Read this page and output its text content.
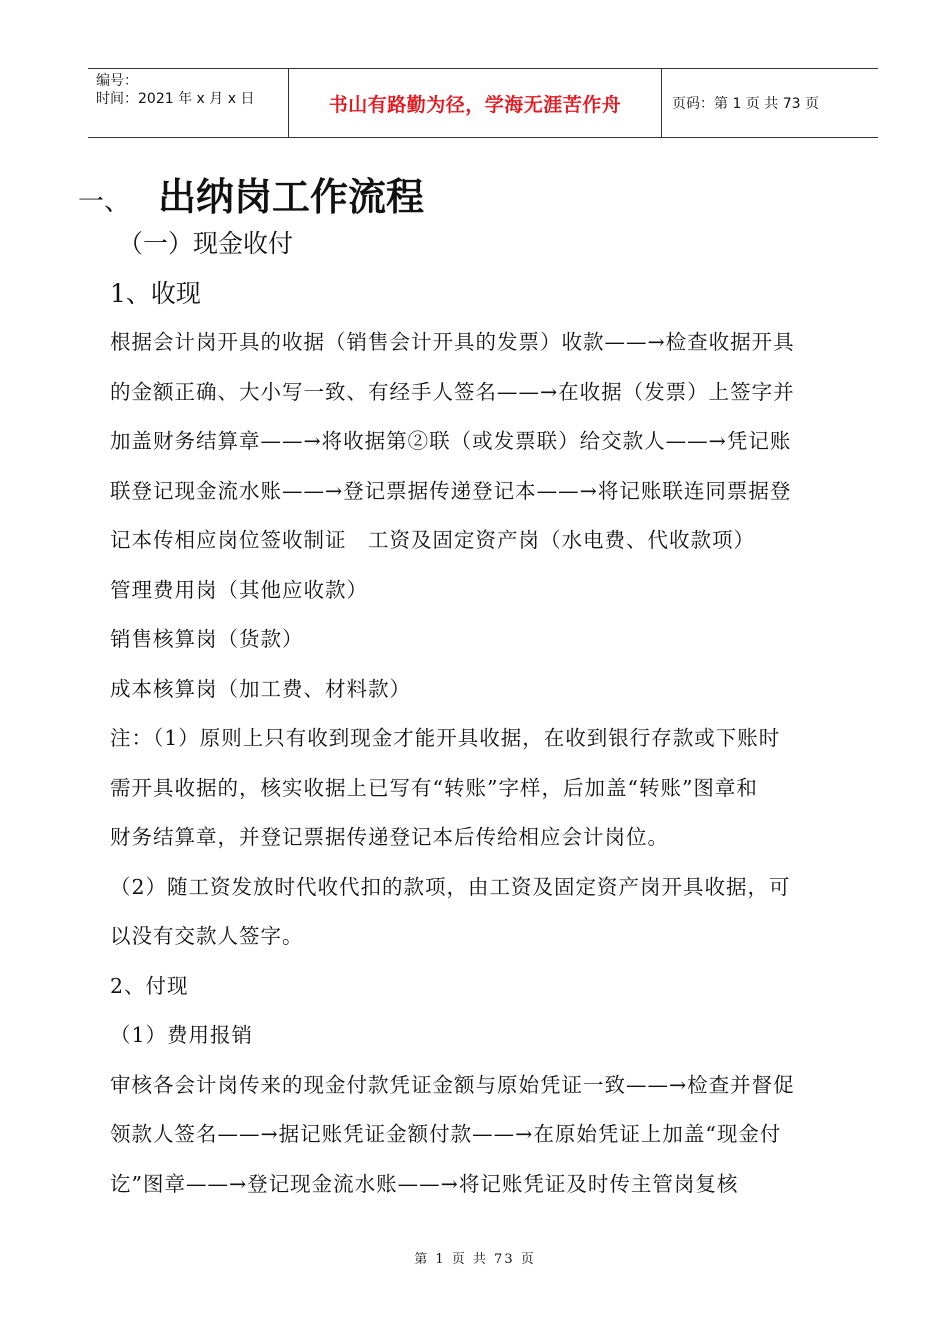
编号：
时间：2021 年 x 月 x 日	书山有路勤为径，学海无涯苦作舟	页码：第 1 页 共 73 页
一、 出纳岗工作流程
（一）现金收付
1、收现
根据会计岗开具的收据（销售会计开具的发票）收款——→检查收据开具
的金额正确、大小写一致、有经手人签名——→在收据（发票）上签字并
加盖财务结算章——→将收据第②联（或发票联）给交款人——→凭记账
联登记现金流水账——→登记票据传递登记本——→将记账联连同票据登
记本传相应岗位签收制证　工资及固定资产岗（水电费、代收款项）
管理费用岗（其他应收款）
销售核算岗（货款）
成本核算岗（加工费、材料款）
注：（1）原则上只有收到现金才能开具收据，在收到银行存款或下账时
需开具收据的，核实收据上已写有“转账”字样，后加盖“转账”图章和
财务结算章，并登记票据传递登记本后传给相应会计岗位。
（2）随工资发放时代收代扣的款项，由工资及固定资产岗开具收据，可
以没有交款人签字。
2、付现
（1）费用报销
审核各会计岗传来的现金付款凭证金额与原始凭证一致——→检查并督促
领款人签名——→据记账凭证金额付款——→在原始凭证上加盖“现金付
讫”图章——→登记现金流水账——→将记账凭证及时传主管岗复核
第 1 页 共 73 页
